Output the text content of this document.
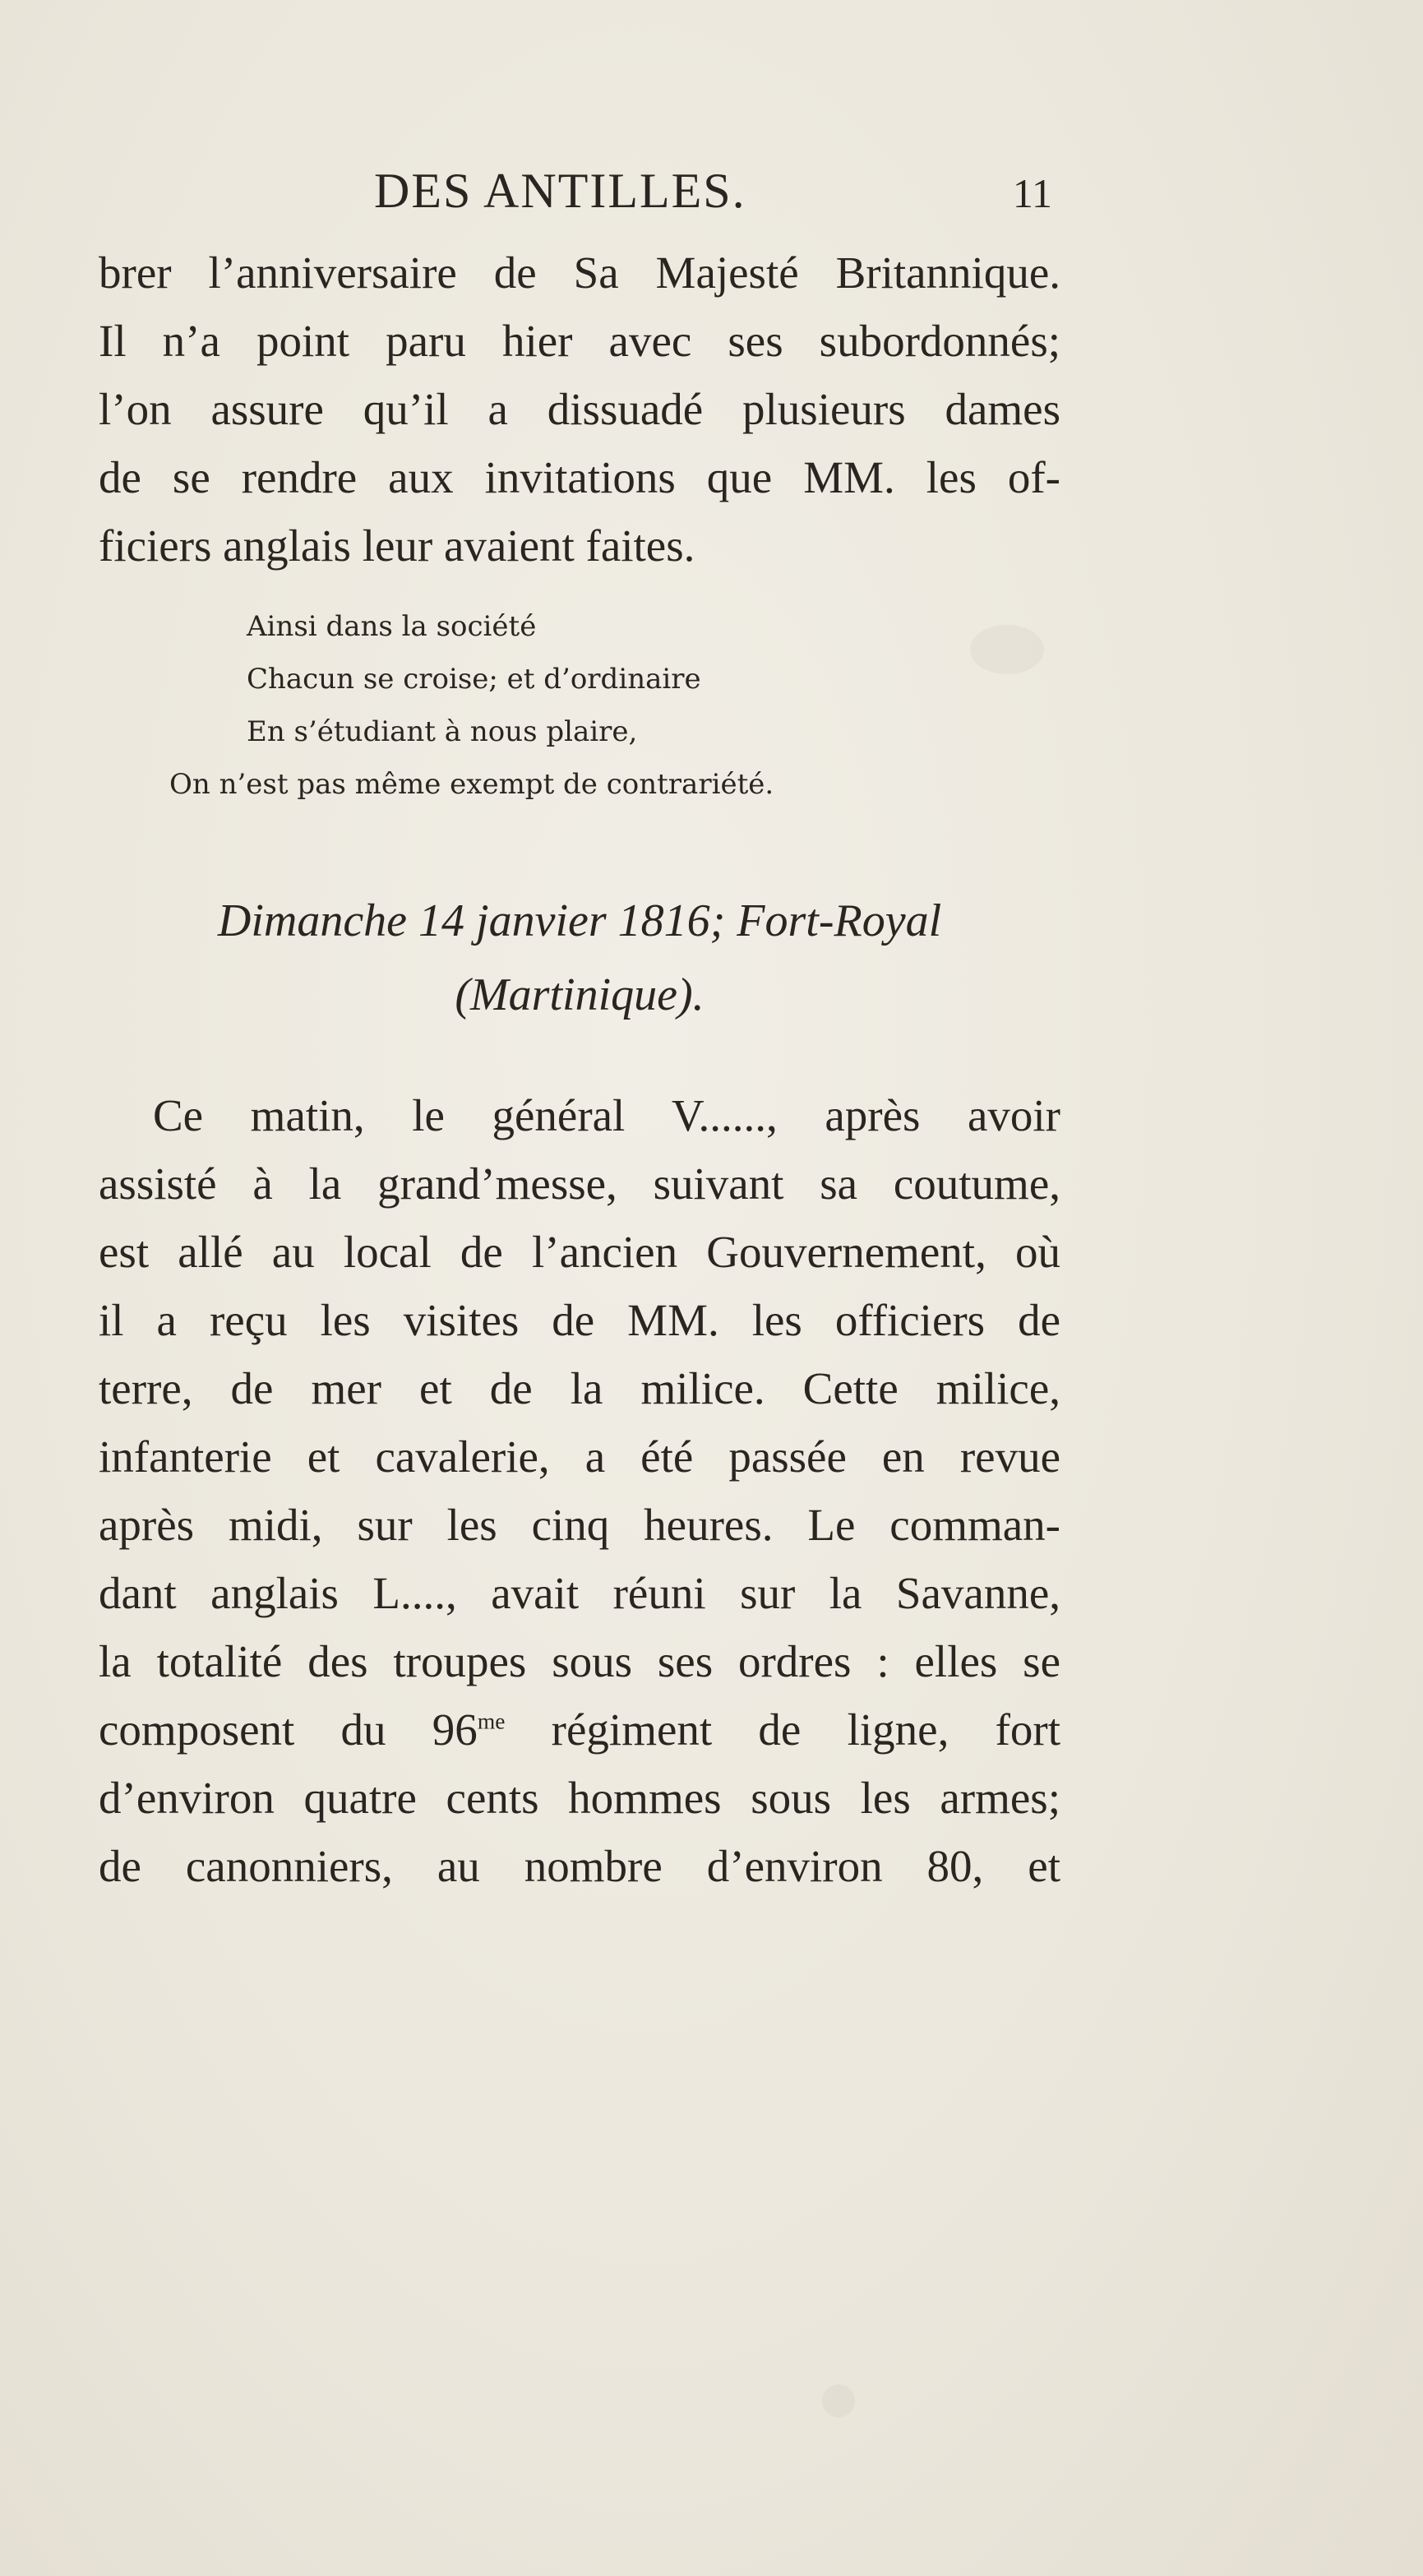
DES ANTILLES.	11
brer l’anniversaire de Sa Majesté Britannique.
Il n’a point paru hier avec ses subordonnés;
l’on assure qu’il a dissuadé plusieurs dames
de se rendre aux invitations que MM. les of-
ficiers anglais leur avaient faites.
Ainsi dans la société
Chacun se croise; et d’ordinaire
En s’étudiant à nous plaire,
On n’est pas même exempt de contrariété.
Dimanche 14 janvier 1816; Fort-Royal
(Martinique).
Ce matin, le général V......, après avoir
assisté à la grand’messe, suivant sa coutume,
est allé au local de l’ancien Gouvernement, où
il a reçu les visites de MM. les officiers de
terre, de mer et de la milice. Cette milice,
infanterie et cavalerie, a été passée en revue
après midi, sur les cinq heures. Le comman-
dant anglais L...., avait réuni sur la Savanne,
la totalité des troupes sous ses ordres : elles se
composent du $96^{me}$ régiment de ligne, fort
d’environ quatre cents hommes sous les armes;
de canonniers, au nombre d’environ 80, et
